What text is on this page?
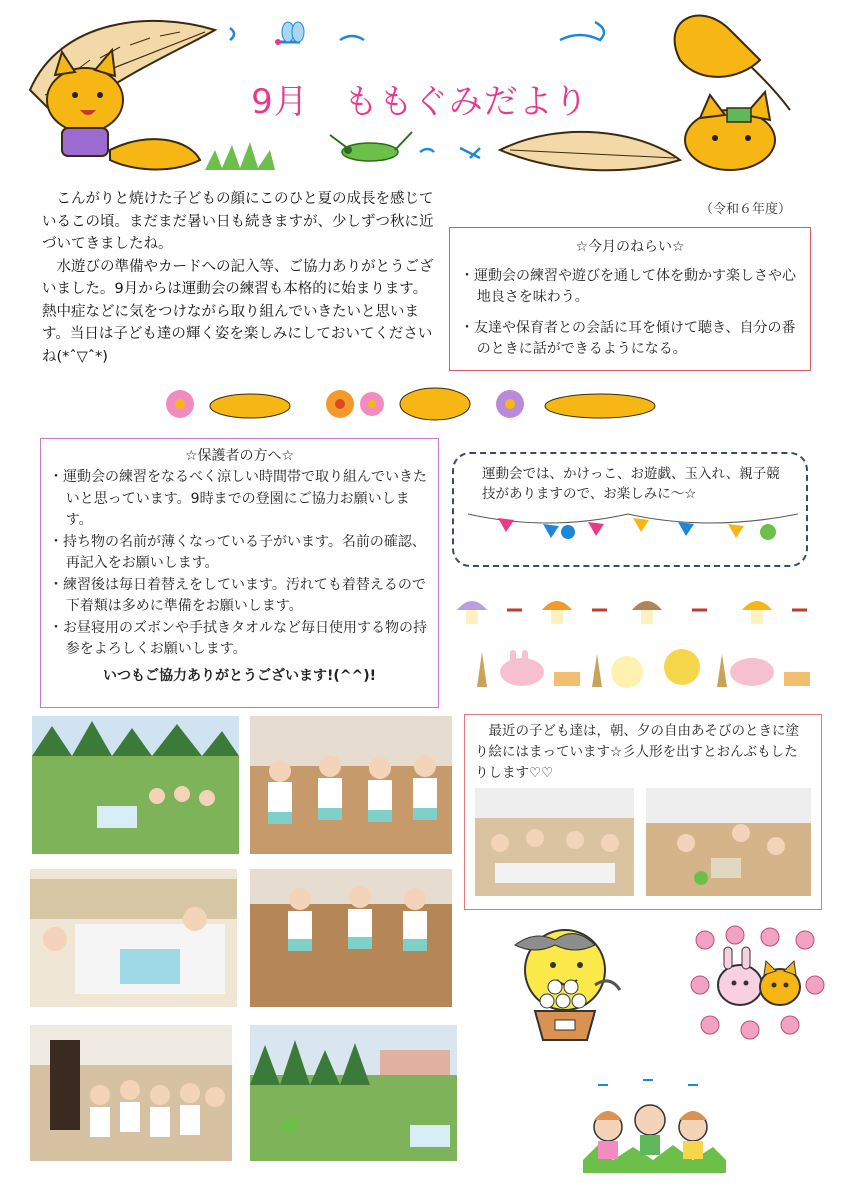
9月　ももぐみだより

こんがりと焼けた子どもの顔にこのひと夏の成長を感じているこの頃。まだまだ暑い日も続きますが、少しずつ秋に近づいてきましたね。

水遊びの準備やカードへの記入等、ご協力ありがとうございました。9月からは運動会の練習も本格的に始まります。熱中症などに気をつけながら取り組んでいきたいと思います。当日は子ども達の輝く姿を楽しみにしておいてくださいね(*ˆ▽ˆ*)

（令和６年度）
☆今月のねらい☆

・運動会の練習や遊びを通して体を動かす楽しさや心地良さを味わう。

・友達や保育者との会話に耳を傾けて聴き、自分の番のときに話ができるようになる。

☆保護者の方へ☆

・運動会の練習をなるべく涼しい時間帯で取り組んでいきたいと思っています。9時までの登園にご協力お願いします。

・持ち物の名前が薄くなっている子がいます。名前の確認、再記入をお願いします。

・練習後は毎日着替えをしています。汚れても着替えるので下着類は多めに準備をお願いします。

・お昼寝用のズボンや手拭きタオルなど毎日使用する物の持参をよろしくお願いします。

いつもご協力ありがとうございます!(^^)!
運動会では、かけっこ、お遊戯、玉入れ、親子競技がありますので、お楽しみに～☆
最近の子ども達は，朝、夕の自由あそびのときに塗り絵にはまっています☆彡人形を出すとおんぶもしたりします♡♡
